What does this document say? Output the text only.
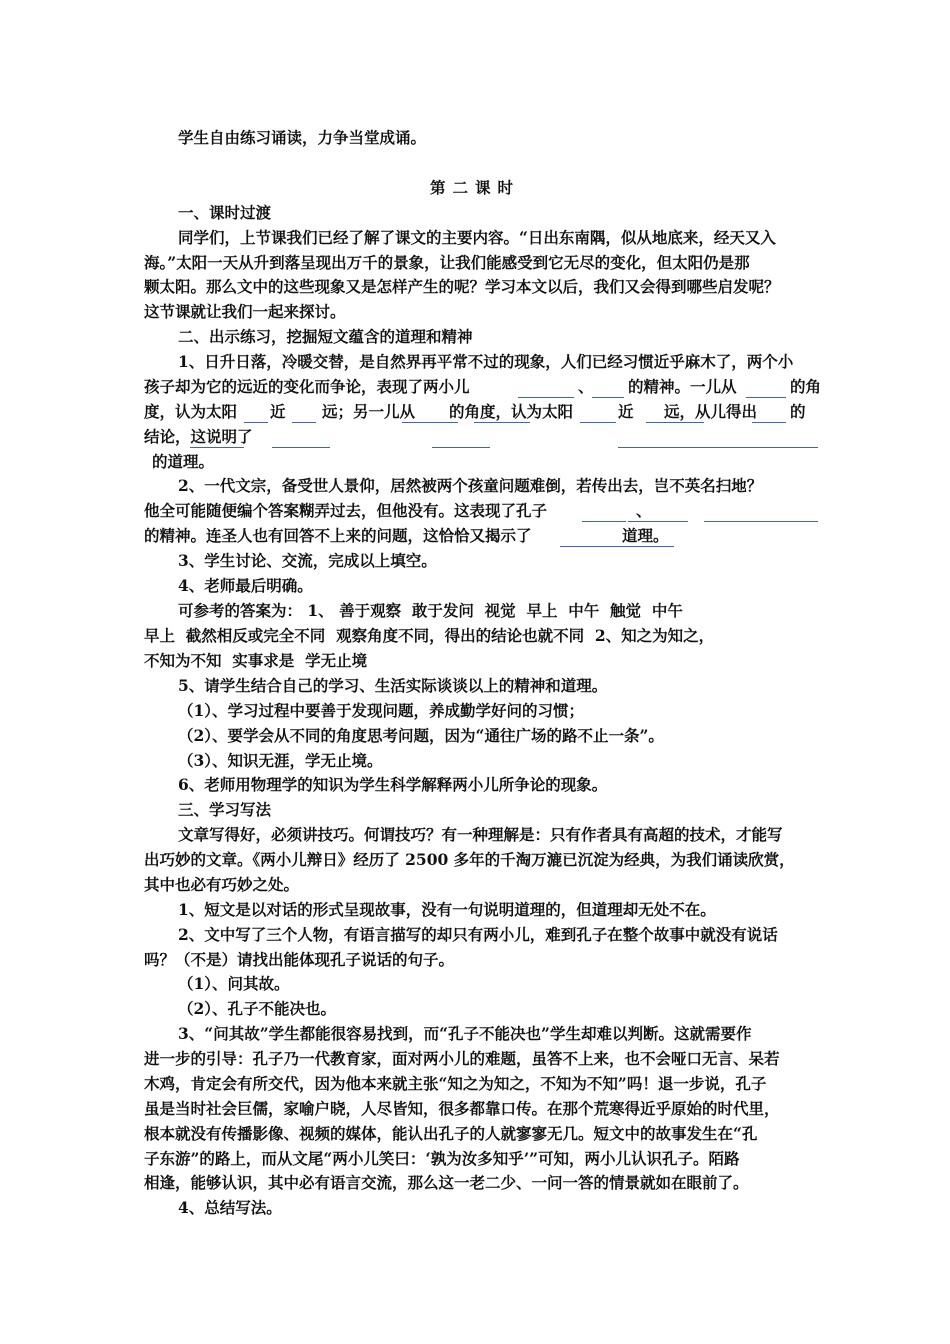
学生自由练习诵读，力争当堂成诵。
第二课时
一、课时过渡
同学们，上节课我们已经了解了课文的主要内容。“日出东南隅，似从地底来，经天又入
海。”太阳一天从升到落呈现出万千的景象，让我们能感受到它无尽的变化，但太阳仍是那
颗太阳。那么文中的这些现象又是怎样产生的呢？学习本文以后，我们又会得到哪些启发呢？
这节课就让我们一起来探讨。
二、出示练习，挖掘短文蕴含的道理和精神
1、日升日落，冷暖交替，是自然界再平常不过的现象，人们已经习惯近乎麻木了，两个小
孩子却为它的远近的变化而争论，表现了两小儿	、 的精神。一儿从	的角
度，认为太阳 近 远；另一儿从 的角度，认为太阳	近 远，从儿得出 的
结论，这说明了
的道理。
2、一代文宗，备受世人景仰，居然被两个孩童问题难倒，若传出去，岂不英名扫地？
他全可能随便编个答案糊弄过去，但他没有。这表现了孔子	、
的精神。连圣人也有回答不上来的问题，这恰恰又揭示了	道理。
3、学生讨论、交流，完成以上填空。
4、老师最后明确。
可参考的答案为： 1、 善于观察  敢于发问  视觉  早上  中午  触觉  中午
早上  截然相反或完全不同  观察角度不同，得出的结论也就不同  2、知之为知之，
不知为不知  实事求是  学无止境
5、请学生结合自己的学习、生活实际谈谈以上的精神和道理。
（1）、学习过程中要善于发现问题，养成勤学好问的习惯；
（2）、要学会从不同的角度思考问题，因为“通往广场的路不止一条”。
（3）、知识无涯，学无止境。
6、老师用物理学的知识为学生科学解释两小儿所争论的现象。
三、学习写法
文章写得好，必须讲技巧。何谓技巧？有一种理解是：只有作者具有高超的技术，才能写
出巧妙的文章。《两小儿辩日》经历了 2500 多年的千淘万漉已沉淀为经典，为我们诵读欣赏，
其中也必有巧妙之处。
1、短文是以对话的形式呈现故事，没有一句说明道理的，但道理却无处不在。
2、文中写了三个人物，有语言描写的却只有两小儿，难到孔子在整个故事中就没有说话
吗？（不是）请找出能体现孔子说话的句子。
（1）、问其故。
（2）、孔子不能决也。
3、“问其故”学生都能很容易找到，而“孔子不能决也”学生却难以判断。这就需要作
进一步的引导：孔子乃一代教育家，面对两小儿的难题，虽答不上来，也不会哑口无言、呆若
木鸡，肯定会有所交代，因为他本来就主张“知之为知之，不知为不知”吗！退一步说，孔子
虽是当时社会巨儒，家喻户晓，人尽皆知，很多都靠口传。在那个荒寒得近乎原始的时代里，
根本就没有传播影像、视频的媒体，能认出孔子的人就寥寥无几。短文中的故事发生在“孔
子东游”的路上，而从文尾“两小儿笑曰：‘孰为汝多知乎’”可知，两小儿认识孔子。陌路
相逢，能够认识，其中必有语言交流，那么这一老二少、一问一答的情景就如在眼前了。
4、总结写法。
